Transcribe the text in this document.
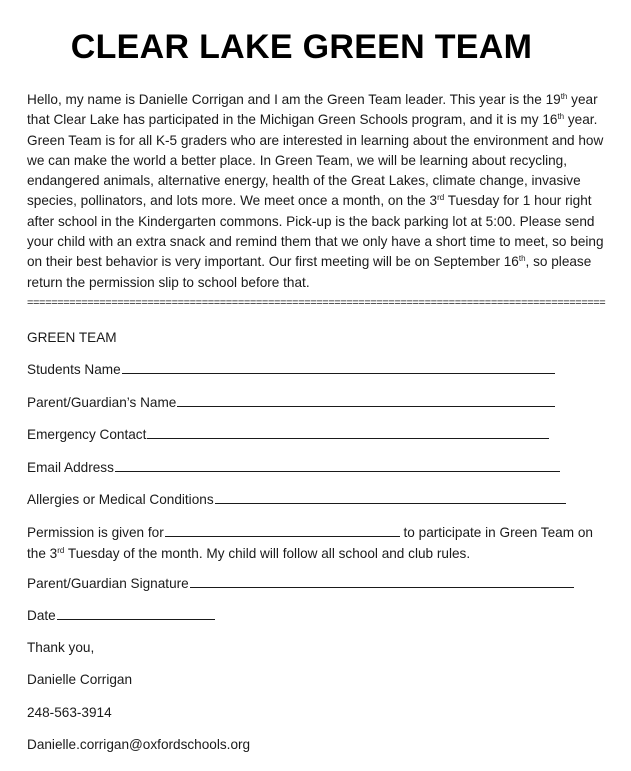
CLEAR LAKE GREEN TEAM
Hello, my name is Danielle Corrigan and I am the Green Team leader. This year is the 19th year that Clear Lake has participated in the Michigan Green Schools program, and it is my 16th year. Green Team is for all K-5 graders who are interested in learning about the environment and how we can make the world a better place. In Green Team, we will be learning about recycling, endangered animals, alternative energy, health of the Great Lakes, climate change, invasive species, pollinators, and lots more. We meet once a month, on the 3rd Tuesday for 1 hour right after school in the Kindergarten commons. Pick-up is the back parking lot at 5:00. Please send your child with an extra snack and remind them that we only have a short time to meet, so being on their best behavior is very important. Our first meeting will be on September 16th, so please return the permission slip to school before that.
================================================================================================
GREEN TEAM
Students Name
Parent/Guardian’s Name
Emergency Contact
Email Address
Allergies or Medical Conditions
Permission is given for	to participate in Green Team on the 3rd Tuesday of the month. My child will follow all school and club rules.
Parent/Guardian Signature
Date
Thank you,
Danielle Corrigan
248-563-3914
Danielle.corrigan@oxfordschools.org
